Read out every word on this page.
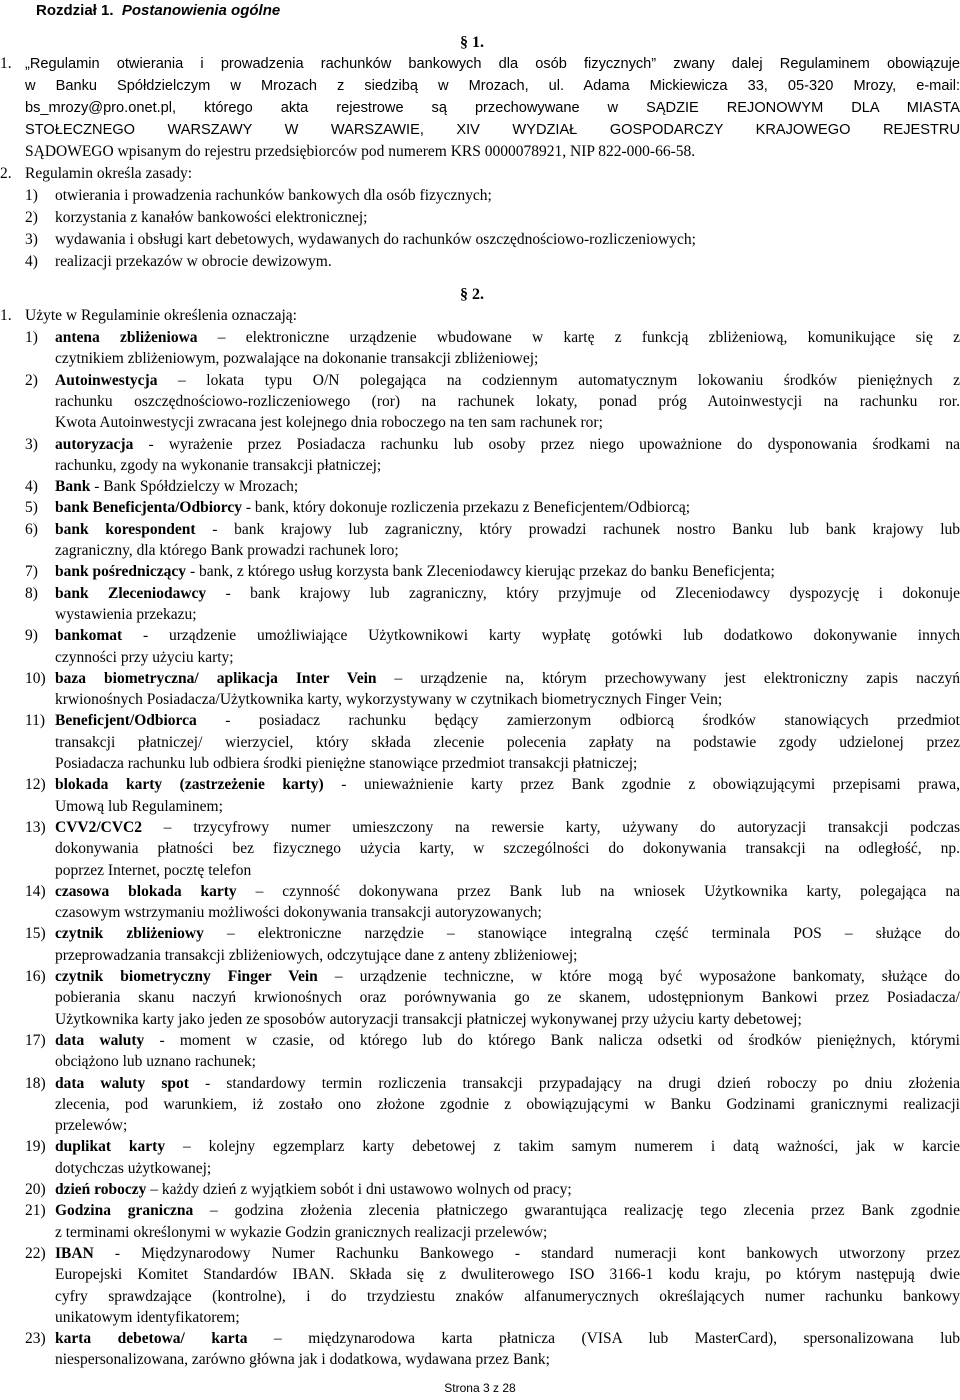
Rozdział 1. Postanowienia ogólne
§ 1.
1. „Regulamin otwierania i prowadzenia rachunków bankowych dla osób fizycznych” zwany dalej Regulaminem obowiązuje
w Banku Spółdzielczym w Mrozach z siedzibą w Mrozach, ul. Adama Mickiewicza 33, 05-320 Mrozy, e-mail:
bs_mrozy@pro.onet.pl, którego akta rejestrowe są przechowywane w SĄDZIE REJONOWYM DLA MIASTA
STOŁECZNEGO WARSZAWY W WARSZAWIE, XIV WYDZIAŁ GOSPODARCZY KRAJOWEGO REJESTRU
SĄDOWEGO wpisanym do rejestru przedsiębiorców pod numerem KRS 0000078921, NIP 822-000-66-58.
2. Regulamin określa zasady:
1) otwierania i prowadzenia rachunków bankowych dla osób fizycznych;
2) korzystania z kanałów bankowości elektronicznej;
3) wydawania i obsługi kart debetowych, wydawanych do rachunków oszczędnościowo-rozliczeniowych;
4) realizacji przekazów w obrocie dewizowym.
§ 2.
1. Użyte w Regulaminie określenia oznaczają:
1) antena zbliżeniowa – elektroniczne urządzenie wbudowane w kartę z funkcją zbliżeniową, komunikujące się z
czytnikiem zbliżeniowym, pozwalające na dokonanie transakcji zbliżeniowej;
2) Autoinwestycja – lokata typu O/N polegająca na codziennym automatycznym lokowaniu środków pieniężnych z
rachunku oszczędnościowo-rozliczeniowego (ror) na rachunek lokaty, ponad próg Autoinwestycji na rachunku ror.
Kwota Autoinwestycji zwracana jest kolejnego dnia roboczego na ten sam rachunek ror;
3) autoryzacja - wyrażenie przez Posiadacza rachunku lub osoby przez niego upoważnione do dysponowania środkami na
rachunku, zgody na wykonanie transakcji płatniczej;
4) Bank - Bank Spółdzielczy w Mrozach;
5) bank Beneficjenta/Odbiorcy - bank, który dokonuje rozliczenia przekazu z Beneficjentem/Odbiorcą;
6) bank korespondent - bank krajowy lub zagraniczny, który prowadzi rachunek nostro Banku lub bank krajowy lub
zagraniczny, dla którego Bank prowadzi rachunek loro;
7) bank pośredniczący - bank, z którego usług korzysta bank Zleceniodawcy kierując przekaz do banku Beneficjenta;
8) bank Zleceniodawcy - bank krajowy lub zagraniczny, który przyjmuje od Zleceniodawcy dyspozycję i dokonuje
wystawienia przekazu;
9) bankomat - urządzenie umożliwiające Użytkownikowi karty wypłatę gotówki lub dodatkowo dokonywanie innych
czynności przy użyciu karty;
10) baza biometryczna/ aplikacja Inter Vein – urządzenie na, którym przechowywany jest elektroniczny zapis naczyń
krwionośnych Posiadacza/Użytkownika karty, wykorzystywany w czytnikach biometrycznych Finger Vein;
11) Beneficjent/Odbiorca - posiadacz rachunku będący zamierzonym odbiorcą środków stanowiących przedmiot
transakcji płatniczej/ wierzyciel, który składa zlecenie polecenia zapłaty na podstawie zgody udzielonej przez
Posiadacza rachunku lub odbiera środki pieniężne stanowiące przedmiot transakcji płatniczej;
12) blokada karty (zastrzeżenie karty) - unieważnienie karty przez Bank zgodnie z obowiązującymi przepisami prawa,
Umową lub Regulaminem;
13) CVV2/CVC2 – trzycyfrowy numer umieszczony na rewersie karty, używany do autoryzacji transakcji podczas
dokonywania płatności bez fizycznego użycia karty, w szczególności do dokonywania transakcji na odległość, np.
poprzez Internet, pocztę telefon
14) czasowa blokada karty – czynność dokonywana przez Bank lub na wniosek Użytkownika karty, polegająca na
czasowym wstrzymaniu możliwości dokonywania transakcji autoryzowanych;
15) czytnik zbliżeniowy – elektroniczne narzędzie – stanowiące integralną część terminala POS – służące do
przeprowadzania transakcji zbliżeniowych, odczytujące dane z anteny zbliżeniowej;
16) czytnik biometryczny Finger Vein – urządzenie techniczne, w które mogą być wyposażone bankomaty, służące do
pobierania skanu naczyń krwionośnych oraz porównywania go ze skanem, udostępnionym Bankowi przez Posiadacza/
Użytkownika karty jako jeden ze sposobów autoryzacji transakcji płatniczej wykonywanej przy użyciu karty debetowej;
17) data waluty - moment w czasie, od którego lub do którego Bank nalicza odsetki od środków pieniężnych, którymi
obciążono lub uznano rachunek;
18) data waluty spot - standardowy termin rozliczenia transakcji przypadający na drugi dzień roboczy po dniu złożenia
zlecenia, pod warunkiem, iż zostało ono złożone zgodnie z obowiązującymi w Banku Godzinami granicznymi realizacji
przelewów;
19) duplikat karty – kolejny egzemplarz karty debetowej z takim samym numerem i datą ważności, jak w karcie
dotychczas użytkowanej;
20) dzień roboczy – każdy dzień z wyjątkiem sobót i dni ustawowo wolnych od pracy;
21) Godzina graniczna – godzina złożenia zlecenia płatniczego gwarantująca realizację tego zlecenia przez Bank zgodnie
z terminami określonymi w wykazie Godzin granicznych realizacji przelewów;
22) IBAN - Międzynarodowy Numer Rachunku Bankowego - standard numeracji kont bankowych utworzony przez
Europejski Komitet Standardów IBAN. Składa się z dwuliterowego ISO 3166-1 kodu kraju, po którym następują dwie
cyfry sprawdzające (kontrolne), i do trzydziestu znaków alfanumerycznych określających numer rachunku bankowy
unikatowym identyfikatorem;
23) karta debetowa/ karta – międzynarodowa karta płatnicza (VISA lub MasterCard), spersonalizowana lub
niespersonalizowana, zarówno główna jak i dodatkowa, wydawana przez Bank;
Strona 3 z 28
